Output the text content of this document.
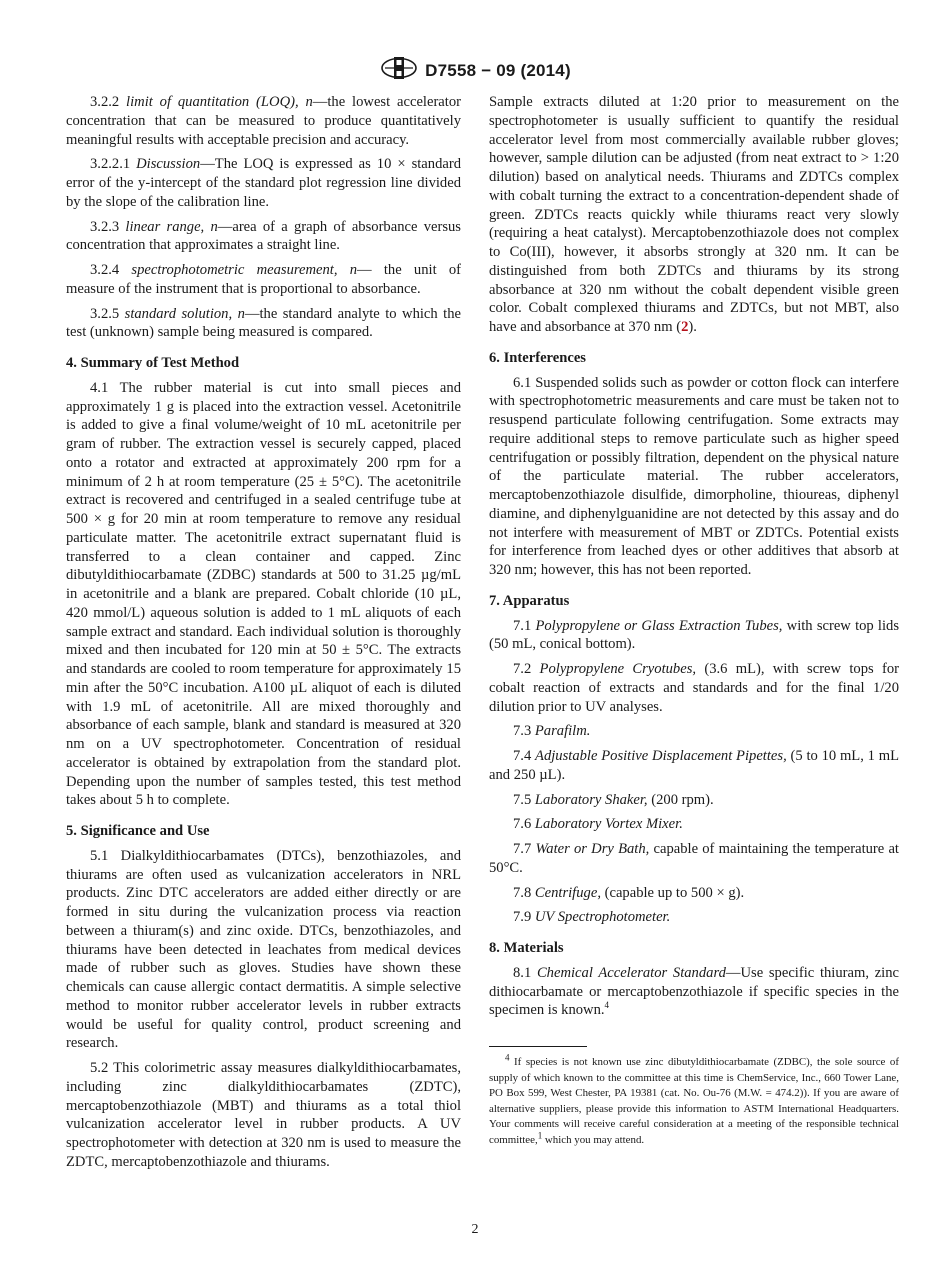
D7558 − 09 (2014)

3.2.2 limit of quantitation (LOQ), n—the lowest accelerator concentration that can be measured to produce quantitatively meaningful results with acceptable precision and accuracy.

3.2.2.1 Discussion—The LOQ is expressed as 10 × standard error of the y-intercept of the standard plot regression line divided by the slope of the calibration line.

3.2.3 linear range, n—area of a graph of absorbance versus concentration that approximates a straight line.

3.2.4 spectrophotometric measurement, n— the unit of measure of the instrument that is proportional to absorbance.

3.2.5 standard solution, n—the standard analyte to which the test (unknown) sample being measured is compared.

4. Summary of Test Method

4.1 The rubber material is cut into small pieces and approximately 1 g is placed into the extraction vessel. Acetonitrile is added to give a final volume/weight of 10 mL acetonitrile per gram of rubber. The extraction vessel is securely capped, placed onto a rotator and extracted at approximately 200 rpm for a minimum of 2 h at room temperature (25 ± 5°C). The acetonitrile extract is recovered and centrifuged in a sealed centrifuge tube at 500 × g for 20 min at room temperature to remove any residual particulate matter. The acetonitrile extract supernatant fluid is transferred to a clean container and capped. Zinc dibutyldithiocarbamate (ZDBC) standards at 500 to 31.25 µg/mL in acetonitrile and a blank are prepared. Cobalt chloride (10 µL, 420 mmol/L) aqueous solution is added to 1 mL aliquots of each sample extract and standard. Each individual solution is thoroughly mixed and then incubated for 120 min at 50 ± 5°C. The extracts and standards are cooled to room temperature for approximately 15 min after the 50°C incubation. A100 µL aliquot of each is diluted with 1.9 mL of acetonitrile. All are mixed thoroughly and absorbance of each sample, blank and standard is measured at 320 nm on a UV spectrophotometer. Concentration of residual accelerator is obtained by extrapolation from the standard plot. Depending upon the number of samples tested, this test method takes about 5 h to complete.

5. Significance and Use

5.1 Dialkyldithiocarbamates (DTCs), benzothiazoles, and thiurams are often used as vulcanization accelerators in NRL products. Zinc DTC accelerators are added either directly or are formed in situ during the vulcanization process via reaction between a thiuram(s) and zinc oxide. DTCs, benzothiazoles, and thiurams have been detected in leachates from medical devices made of rubber such as gloves. Studies have shown these chemicals can cause allergic contact dermatitis. A simple selective method to monitor rubber accelerator levels in rubber extracts would be useful for quality control, product screening and research.

5.2 This colorimetric assay measures dialkyldithiocarbamates, including zinc dialkyldithiocarbamates (ZDTC), mercaptobenzothiazole (MBT) and thiurams as a total thiol vulcanization accelerator level in rubber products. A UV spectrophotometer with detection at 320 nm is used to measure the ZDTC, mercaptobenzothiazole and thiurams.

Sample extracts diluted at 1:20 prior to measurement on the spectrophotometer is usually sufficient to quantify the residual accelerator level from most commercially available rubber gloves; however, sample dilution can be adjusted (from neat extract to > 1:20 dilution) based on analytical needs. Thiurams and ZDTCs complex with cobalt turning the extract to a concentration-dependent shade of green. ZDTCs reacts quickly while thiurams react very slowly (requiring a heat catalyst). Mercaptobenzothiazole does not complex to Co(III), however, it absorbs strongly at 320 nm. It can be distinguished from both ZDTCs and thiurams by its strong absorbance at 320 nm without the cobalt dependent visible green color. Cobalt complexed thiurams and ZDTCs, but not MBT, also have and absorbance at 370 nm (2).

6. Interferences

6.1 Suspended solids such as powder or cotton flock can interfere with spectrophotometric measurements and care must be taken not to resuspend particulate following centrifugation. Some extracts may require additional steps to remove particulate such as higher speed centrifugation or possibly filtration, dependent on the physical nature of the particulate material. The rubber accelerators, mercaptobenzothiazole disulfide, dimorpholine, thioureas, diphenyl diamine, and diphenylguanidine are not detected by this assay and do not interfere with measurement of MBT or ZDTCs. Potential exists for interference from leached dyes or other additives that absorb at 320 nm; however, this has not been reported.

7. Apparatus

7.1 Polypropylene or Glass Extraction Tubes, with screw top lids (50 mL, conical bottom).

7.2 Polypropylene Cryotubes, (3.6 mL), with screw tops for cobalt reaction of extracts and standards and for the final 1/20 dilution prior to UV analyses.

7.3 Parafilm.

7.4 Adjustable Positive Displacement Pipettes, (5 to 10 mL, 1 mL and 250 µL).

7.5 Laboratory Shaker, (200 rpm).

7.6 Laboratory Vortex Mixer.

7.7 Water or Dry Bath, capable of maintaining the temperature at 50°C.

7.8 Centrifuge, (capable up to 500 × g).

7.9 UV Spectrophotometer.

8. Materials

8.1 Chemical Accelerator Standard—Use specific thiuram, zinc dithiocarbamate or mercaptobenzothiazole if specific species in the specimen is known.$^4$

$^4$ If species is not known use zinc dibutyldithiocarbamate (ZDBC), the sole source of supply of which known to the committee at this time is ChemService, Inc., 660 Tower Lane, PO Box 599, West Chester, PA 19381 (cat. No. Ou-76 (M.W. = 474.2)). If you are aware of alternative suppliers, please provide this information to ASTM International Headquarters. Your comments will receive careful consideration at a meeting of the responsible technical committee,$^1$ which you may attend.

2
